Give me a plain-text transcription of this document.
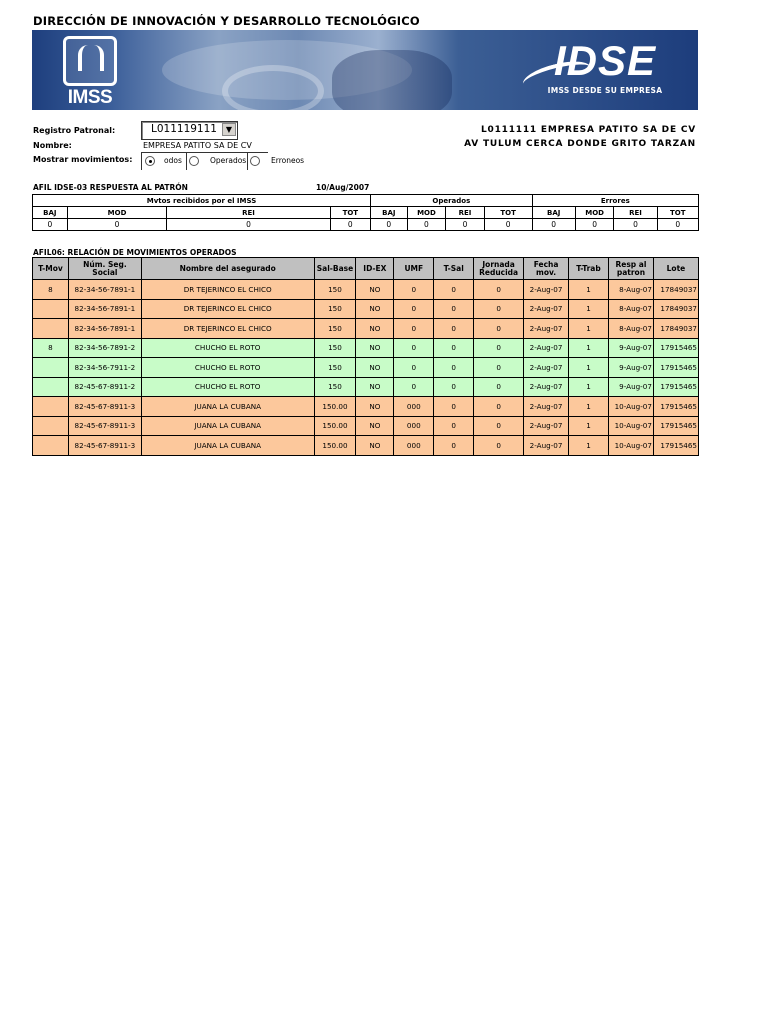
DIRECCIÓN DE INNOVACIÓN Y DESARROLLO TECNOLÓGICO
IMSS
IDSE
IMSS DESDE SU EMPRESA
Registro Patronal:	L011119111	▼
Nombre:	EMPRESA PATITO SA DE CV
Mostrar movimientos:	odos	Operados	Erroneos
L0111111 EMPRESA PATITO SA DE CV
AV TULUM CERCA DONDE GRITO TARZAN
AFIL IDSE-03 RESPUESTA AL PATRÓN	10/Aug/2007
Mvtos recibidos por el IMSS				Operados				Errores			
BAJ	MOD	REI	TOT	BAJ	MOD	REI	TOT	BAJ	MOD	REI	TOT
0	0	0	0	0	0	0	0	0	0	0	0
AFIL06: RELACIÓN DE MOVIMIENTOS OPERADOS
T-Mov	Núm. Seg. Social	Nombre del asegurado	Sal-Base	ID-EX	UMF	T-Sal	Jornada Reducida	Fecha mov.	T-Trab	Resp al patron	Lote
8	82-34-56-7891-1	DR TEJERINCO EL CHICO	150	NO	0	0	0	2-Aug-07	1	8-Aug-07	17849037
	82-34-56-7891-1	DR TEJERINCO EL CHICO	150	NO	0	0	0	2-Aug-07	1	8-Aug-07	17849037
	82-34-56-7891-1	DR TEJERINCO EL CHICO	150	NO	0	0	0	2-Aug-07	1	8-Aug-07	17849037
8	82-34-56-7891-2	CHUCHO EL ROTO	150	NO	0	0	0	2-Aug-07	1	9-Aug-07	17915465
	82-34-56-7911-2	CHUCHO EL ROTO	150	NO	0	0	0	2-Aug-07	1	9-Aug-07	17915465
	82-45-67-8911-2	CHUCHO EL ROTO	150	NO	0	0	0	2-Aug-07	1	9-Aug-07	17915465
	82-45-67-8911-3	JUANA LA CUBANA	150.00	NO	000	0	0	2-Aug-07	1	10-Aug-07	17915465
	82-45-67-8911-3	JUANA LA CUBANA	150.00	NO	000	0	0	2-Aug-07	1	10-Aug-07	17915465
	82-45-67-8911-3	JUANA LA CUBANA	150.00	NO	000	0	0	2-Aug-07	1	10-Aug-07	17915465
